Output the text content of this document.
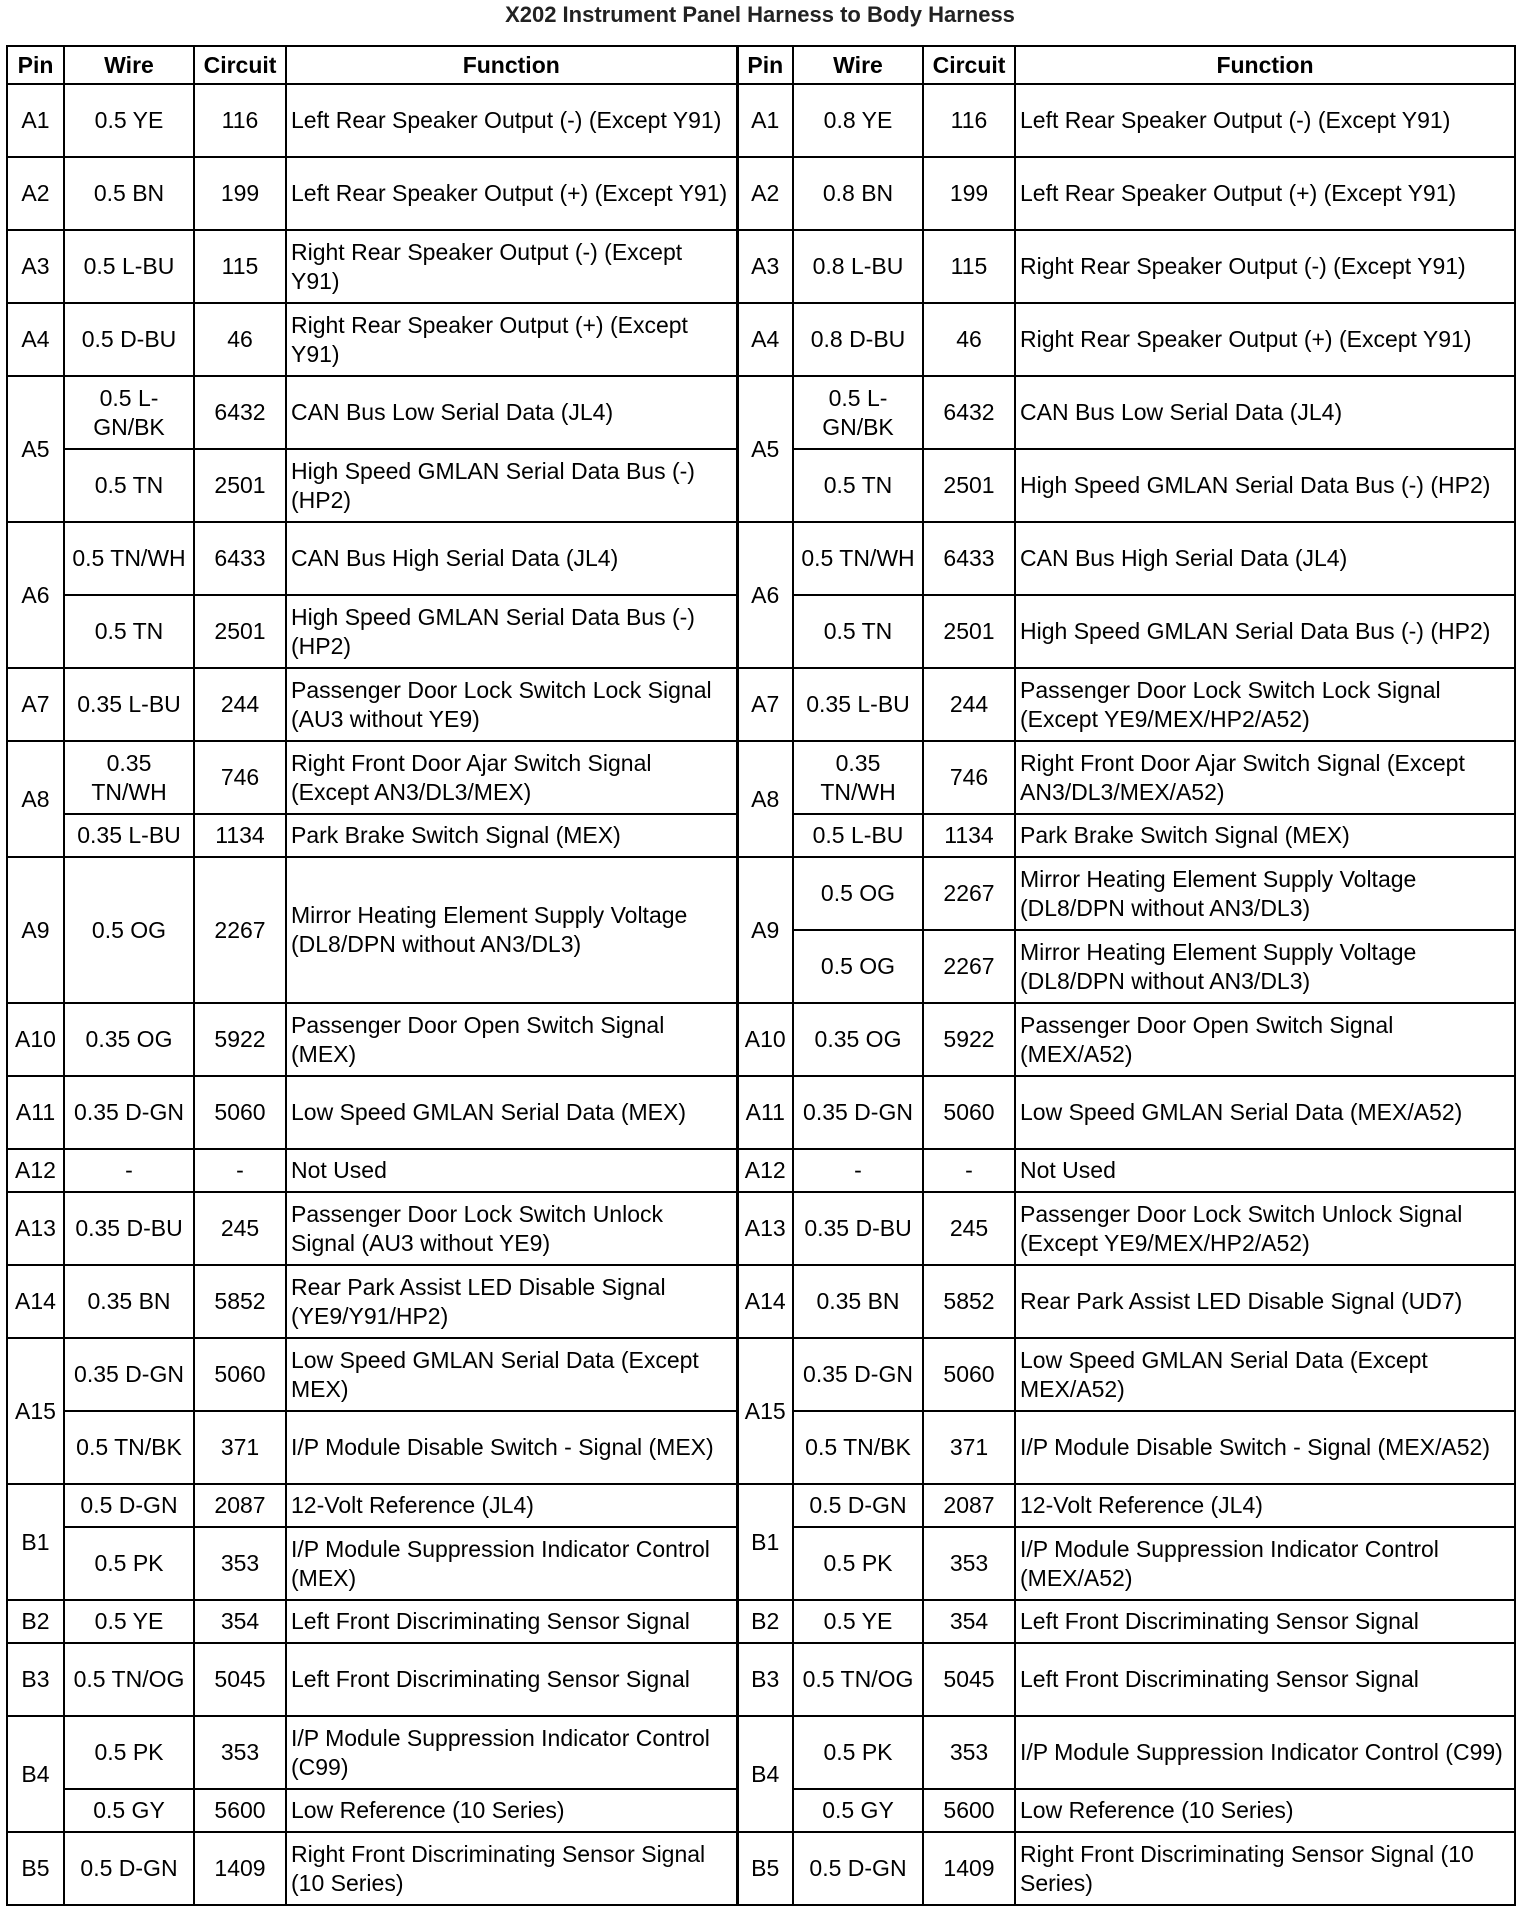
X202 Instrument Panel Harness to Body Harness
Pin	Wire	Circuit	Function	Pin	Wire	Circuit	Function
A1	0.5 YE	116	Left Rear Speaker Output (-) (Except Y91)	A1	0.8 YE	116	Left Rear Speaker Output (-) (Except Y91)
A2	0.5 BN	199	Left Rear Speaker Output (+) (Except Y91)	A2	0.8 BN	199	Left Rear Speaker Output (+) (Except Y91)
A3	0.5 L-BU	115	Right Rear Speaker Output (-) (Except Y91)	A3	0.8 L-BU	115	Right Rear Speaker Output (-) (Except Y91)
A4	0.5 D-BU	46	Right Rear Speaker Output (+) (Except Y91)	A4	0.8 D-BU	46	Right Rear Speaker Output (+) (Except Y91)
A5	0.5 L-GN/BK	6432	CAN Bus Low Serial Data (JL4)	A5	0.5 L-GN/BK	6432	CAN Bus Low Serial Data (JL4)
	0.5 TN	2501	High Speed GMLAN Serial Data Bus (-) (HP2)		0.5 TN	2501	High Speed GMLAN Serial Data Bus (-) (HP2)
A6	0.5 TN/WH	6433	CAN Bus High Serial Data (JL4)	A6	0.5 TN/WH	6433	CAN Bus High Serial Data (JL4)
	0.5 TN	2501	High Speed GMLAN Serial Data Bus (-) (HP2)		0.5 TN	2501	High Speed GMLAN Serial Data Bus (-) (HP2)
A7	0.35 L-BU	244	Passenger Door Lock Switch Lock Signal (AU3 without YE9)	A7	0.35 L-BU	244	Passenger Door Lock Switch Lock Signal (Except YE9/MEX/HP2/A52)
A8	0.35 TN/WH	746	Right Front Door Ajar Switch Signal (Except AN3/DL3/MEX)	A8	0.35 TN/WH	746	Right Front Door Ajar Switch Signal (Except AN3/DL3/MEX/A52)
	0.35 L-BU	1134	Park Brake Switch Signal (MEX)		0.5 L-BU	1134	Park Brake Switch Signal (MEX)
A9	0.5 OG	2267	Mirror Heating Element Supply Voltage (DL8/DPN without AN3/DL3)	A9	0.5 OG	2267	Mirror Heating Element Supply Voltage (DL8/DPN without AN3/DL3)
					0.5 OG	2267	Mirror Heating Element Supply Voltage (DL8/DPN without AN3/DL3)
A10	0.35 OG	5922	Passenger Door Open Switch Signal (MEX)	A10	0.35 OG	5922	Passenger Door Open Switch Signal (MEX/A52)
A11	0.35 D-GN	5060	Low Speed GMLAN Serial Data (MEX)	A11	0.35 D-GN	5060	Low Speed GMLAN Serial Data (MEX/A52)
A12	-	-	Not Used	A12	-	-	Not Used
A13	0.35 D-BU	245	Passenger Door Lock Switch Unlock Signal (AU3 without YE9)	A13	0.35 D-BU	245	Passenger Door Lock Switch Unlock Signal (Except YE9/MEX/HP2/A52)
A14	0.35 BN	5852	Rear Park Assist LED Disable Signal (YE9/Y91/HP2)	A14	0.35 BN	5852	Rear Park Assist LED Disable Signal (UD7)
A15	0.35 D-GN	5060	Low Speed GMLAN Serial Data (Except MEX)	A15	0.35 D-GN	5060	Low Speed GMLAN Serial Data (Except MEX/A52)
	0.5 TN/BK	371	I/P Module Disable Switch - Signal (MEX)		0.5 TN/BK	371	I/P Module Disable Switch - Signal (MEX/A52)
B1	0.5 D-GN	2087	12-Volt Reference (JL4)	B1	0.5 D-GN	2087	12-Volt Reference (JL4)
	0.5 PK	353	I/P Module Suppression Indicator Control (MEX)		0.5 PK	353	I/P Module Suppression Indicator Control (MEX/A52)
B2	0.5 YE	354	Left Front Discriminating Sensor Signal	B2	0.5 YE	354	Left Front Discriminating Sensor Signal
B3	0.5 TN/OG	5045	Left Front Discriminating Sensor Signal	B3	0.5 TN/OG	5045	Left Front Discriminating Sensor Signal
B4	0.5 PK	353	I/P Module Suppression Indicator Control (C99)	B4	0.5 PK	353	I/P Module Suppression Indicator Control (C99)
	0.5 GY	5600	Low Reference (10 Series)		0.5 GY	5600	Low Reference (10 Series)
B5	0.5 D-GN	1409	Right Front Discriminating Sensor Signal (10 Series)	B5	0.5 D-GN	1409	Right Front Discriminating Sensor Signal (10 Series)
